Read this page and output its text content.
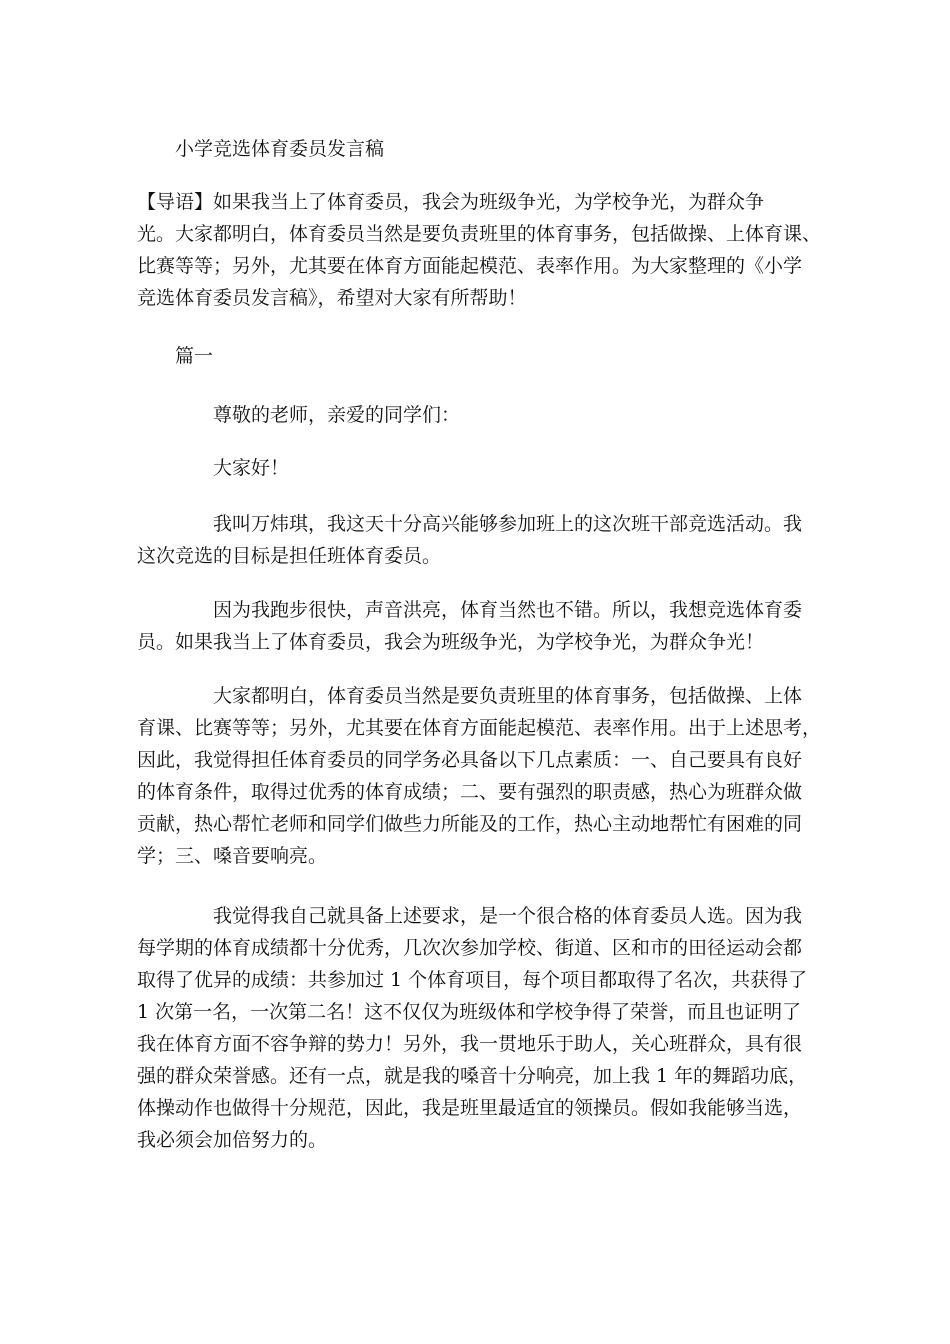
小学竞选体育委员发言稿
【导语】如果我当上了体育委员，我会为班级争光，为学校争光，为群众争
光。大家都明白，体育委员当然是要负责班里的体育事务，包括做操、上体育课、
比赛等等；另外，尤其要在体育方面能起模范、表率作用。为大家整理的《小学
竞选体育委员发言稿》，希望对大家有所帮助！
篇一
尊敬的老师，亲爱的同学们：
大家好！
我叫万炜琪，我这天十分高兴能够参加班上的这次班干部竞选活动。我
这次竞选的目标是担任班体育委员。
因为我跑步很快，声音洪亮，体育当然也不错。所以，我想竞选体育委
员。如果我当上了体育委员，我会为班级争光，为学校争光，为群众争光！
大家都明白，体育委员当然是要负责班里的体育事务，包括做操、上体
育课、比赛等等；另外，尤其要在体育方面能起模范、表率作用。出于上述思考，
因此，我觉得担任体育委员的同学务必具备以下几点素质：一、自己要具有良好
的体育条件，取得过优秀的体育成绩；二、要有强烈的职责感，热心为班群众做
贡献，热心帮忙老师和同学们做些力所能及的工作，热心主动地帮忙有困难的同
学；三、嗓音要响亮。
我觉得我自己就具备上述要求，是一个很合格的体育委员人选。因为我
每学期的体育成绩都十分优秀，几次次参加学校、街道、区和市的田径运动会都
取得了优异的成绩：共参加过 1 个体育项目，每个项目都取得了名次，共获得了
1 次第一名，一次第二名！这不仅仅为班级体和学校争得了荣誉，而且也证明了
我在体育方面不容争辩的势力！另外，我一贯地乐于助人，关心班群众，具有很
强的群众荣誉感。还有一点，就是我的嗓音十分响亮，加上我 1 年的舞蹈功底，
体操动作也做得十分规范，因此，我是班里最适宜的领操员。假如我能够当选，
我必须会加倍努力的。
